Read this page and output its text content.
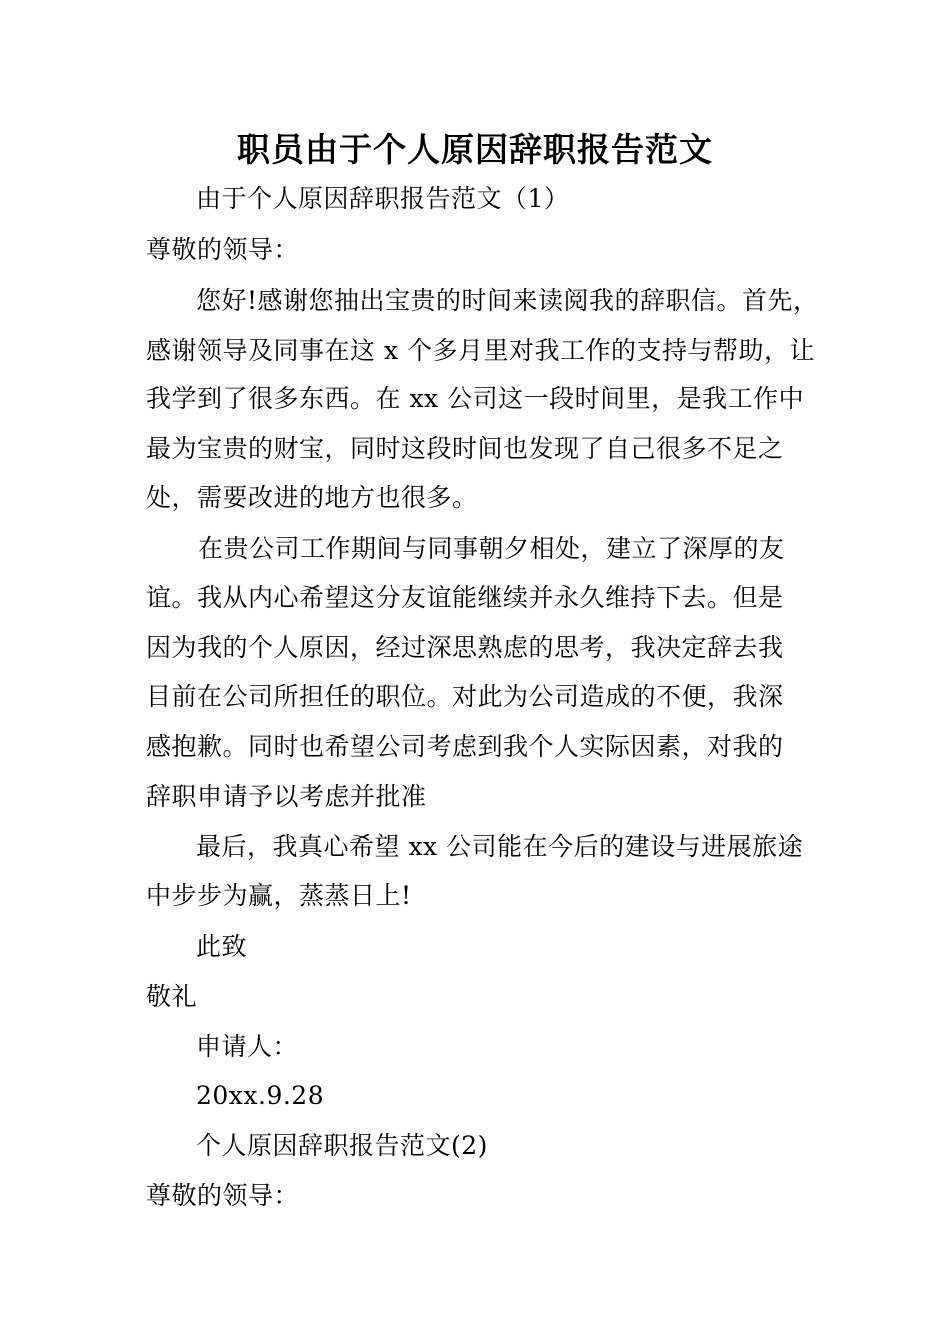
职员由于个人原因辞职报告范文
由于个人原因辞职报告范文（1）
尊敬的领导：
您好!感谢您抽出宝贵的时间来读阅我的辞职信。首先，
感谢领导及同事在这 x 个多月里对我工作的支持与帮助，让
我学到了很多东西。在 xx 公司这一段时间里，是我工作中
最为宝贵的财宝，同时这段时间也发现了自己很多不足之
处，需要改进的地方也很多。
在贵公司工作期间与同事朝夕相处，建立了深厚的友
谊。我从内心希望这分友谊能继续并永久维持下去。但是
因为我的个人原因，经过深思熟虑的思考，我决定辞去我
目前在公司所担任的职位。对此为公司造成的不便，我深
感抱歉。同时也希望公司考虑到我个人实际因素，对我的
辞职申请予以考虑并批准
最后，我真心希望 xx 公司能在今后的建设与进展旅途
中步步为赢，蒸蒸日上!
此致
敬礼
申请人：
20xx.9.28
个人原因辞职报告范文(2)
尊敬的领导：
